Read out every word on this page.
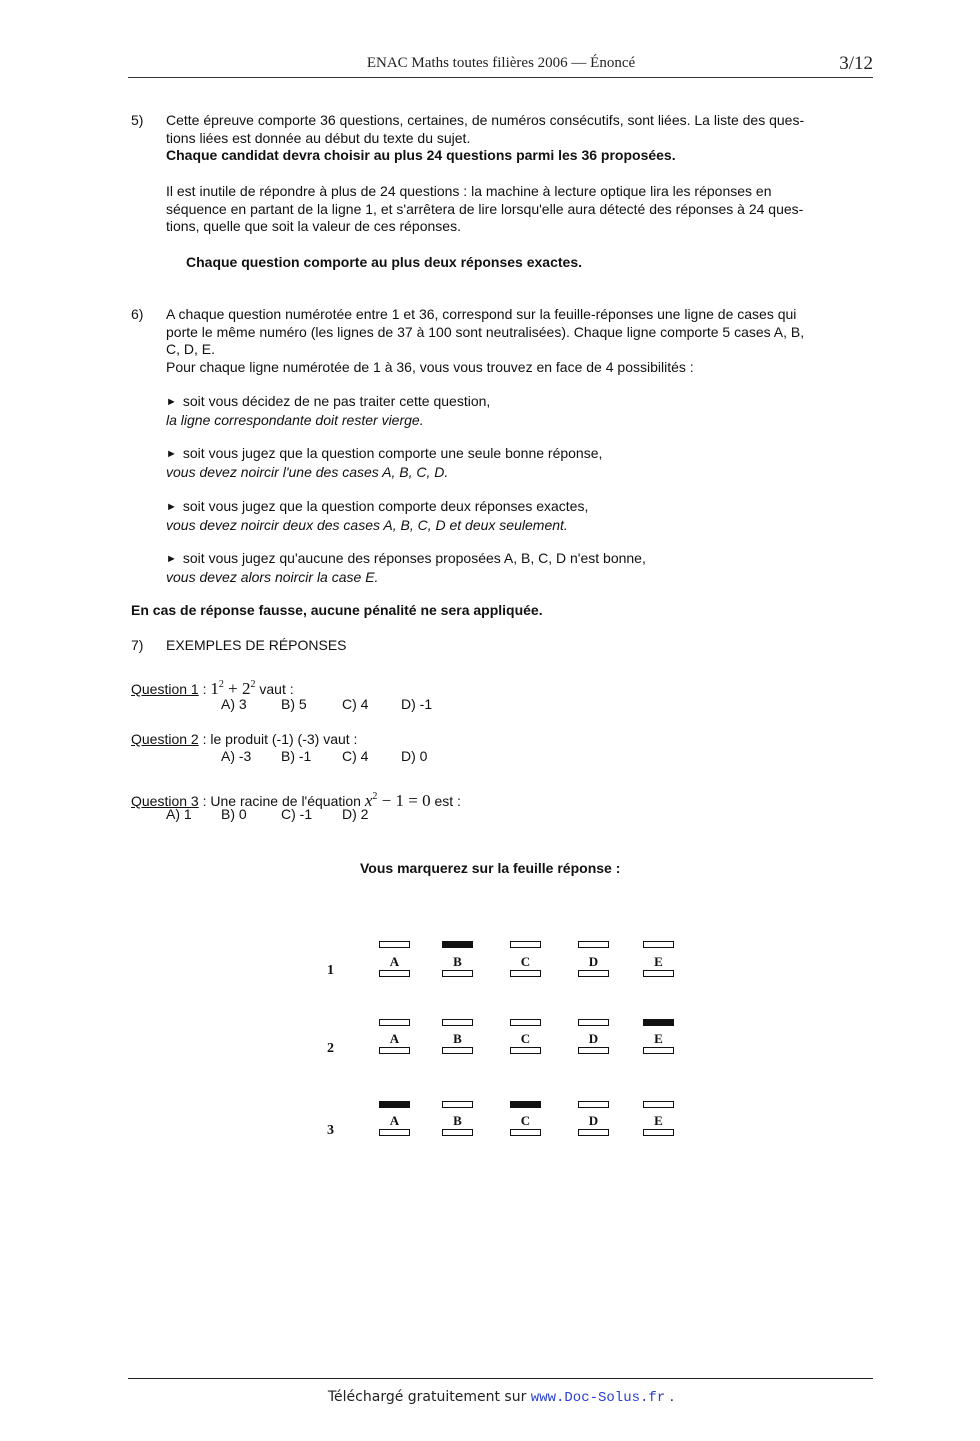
ENAC Maths toutes filières 2006 — Énoncé	3/12
5) Cette épreuve comporte 36 questions, certaines, de numéros consécutifs, sont liées. La liste des ques-
tions liées est donnée au début du texte du sujet.
Chaque candidat devra choisir au plus 24 questions parmi les 36 proposées.
Il est inutile de répondre à plus de 24 questions : la machine à lecture optique lira les réponses en
séquence en partant de la ligne 1, et s'arrêtera de lire lorsqu'elle aura détecté des réponses à 24 ques-
tions, quelle que soit la valeur de ces réponses.
Chaque question comporte au plus deux réponses exactes.
6) A chaque question numérotée entre 1 et 36, correspond sur la feuille-réponses une ligne de cases qui
porte le même numéro (les lignes de 37 à 100 sont neutralisées). Chaque ligne comporte 5 cases A, B,
C, D, E.
Pour chaque ligne numérotée de 1 à 36, vous vous trouvez en face de 4 possibilités :
► soit vous décidez de ne pas traiter cette question,
la ligne correspondante doit rester vierge.
► soit vous jugez que la question comporte une seule bonne réponse,
vous devez noircir l'une des cases A, B, C, D.
► soit vous jugez que la question comporte deux réponses exactes,
vous devez noircir deux des cases A, B, C, D et deux seulement.
► soit vous jugez qu'aucune des réponses proposées A, B, C, D n'est bonne,
vous devez alors noircir la case E.
En cas de réponse fausse, aucune pénalité ne sera appliquée.
7) EXEMPLES DE RÉPONSES
Question 1 : $1^2 + 2^2$ vaut :
A) 3 B) 5	C) 4 D) -1
Question 2 : le produit (-1) (-3) vaut :
A) -3 B) -1 C) 4 D) 0
Question 3 : Une racine de l'équation $x^2 - 1 = 0$ est :
A) 1 B) 0 C) -1 D) 2
Vous marquerez sur la feuille réponse :
1
A	B	C	D	E
2
A	B	C	D	E
3
A	B	C	D	E
Téléchargé gratuitement sur www.Doc-Solus.fr .
